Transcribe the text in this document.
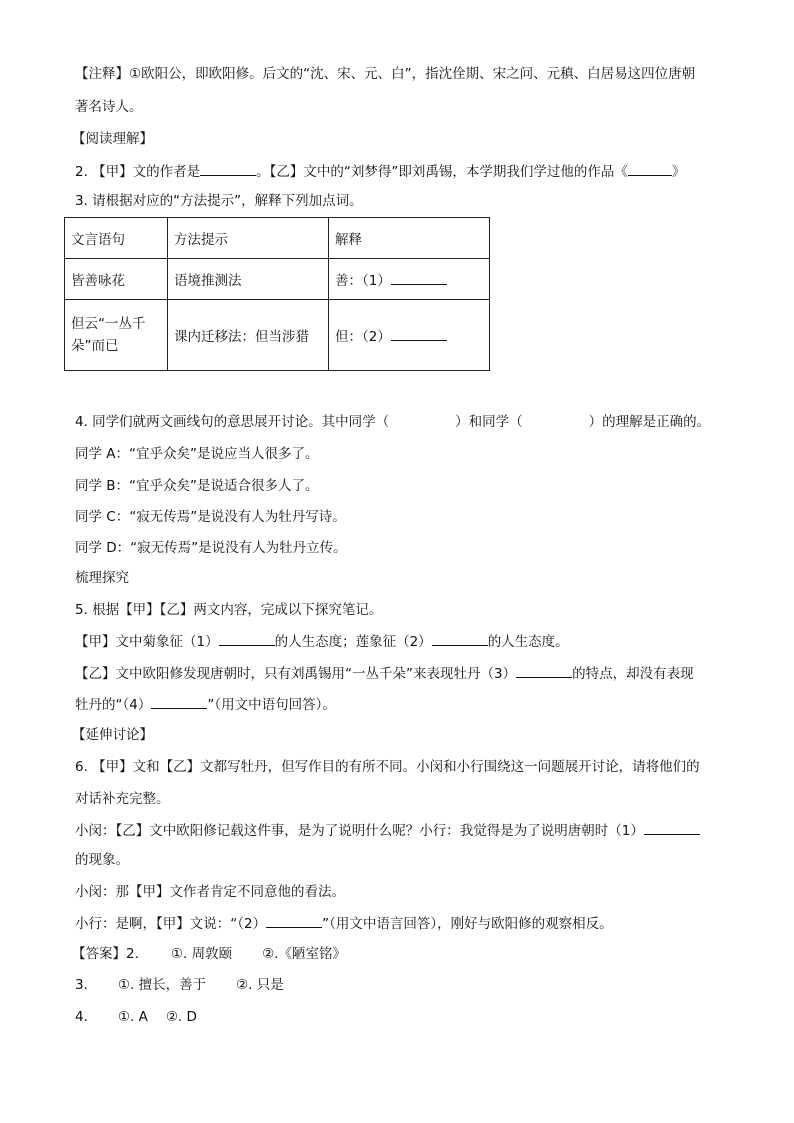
【注释】①欧阳公，即欧阳修。后文的“沈、宋、元、白”，指沈佺期、宋之问、元稹、白居易这四位唐朝
著名诗人。
【阅读理解】
2. 【甲】文的作者是	。【乙】文中的“刘梦得”即刘禹锡，本学期我们学过他的作品《	》
3. 请根据对应的“方法提示”，解释下列加点词。
文言语句	方法提示	解释
皆善咏花	语境推测法	善：（1）
但云“一丛千朵”而已	课内迁移法：但当涉猎	但：（2）
4. 同学们就两文画线句的意思展开讨论。其中同学（	）和同学（	）的理解是正确的。
同学 A：“宜乎众矣”是说应当人很多了。
同学 B：“宜乎众矣”是说适合很多人了。
同学 C：“寂无传焉”是说没有人为牡丹写诗。
同学 D：“寂无传焉”是说没有人为牡丹立传。
梳理探究
5. 根据【甲】【乙】两文内容，完成以下探究笔记。
【甲】文中菊象征（1）	的人生态度；莲象征（2）	的人生态度。
【乙】文中欧阳修发现唐朝时，只有刘禹锡用“一丛千朵”来表现牡丹（3）	的特点，却没有表现
牡丹的“（4）	”（用文中语句回答）。
【延伸讨论】
6. 【甲】文和【乙】文都写牡丹，但写作目的有所不同。小闵和小行围绕这一问题展开讨论，请将他们的
对话补充完整。
小闵：【乙】文中欧阳修记载这件事，是为了说明什么呢？小行：我觉得是为了说明唐朝时（1）
的现象。
小闵：那【甲】文作者肯定不同意他的看法。
小行：是啊，【甲】文说：“（2）	”（用文中语言回答），刚好与欧阳修的观察相反。
【答案】2. ①. 周敦颐 ②.《陋室铭》
3. ①. 擅长，善于 ②. 只是
4. ①. A ②. D
